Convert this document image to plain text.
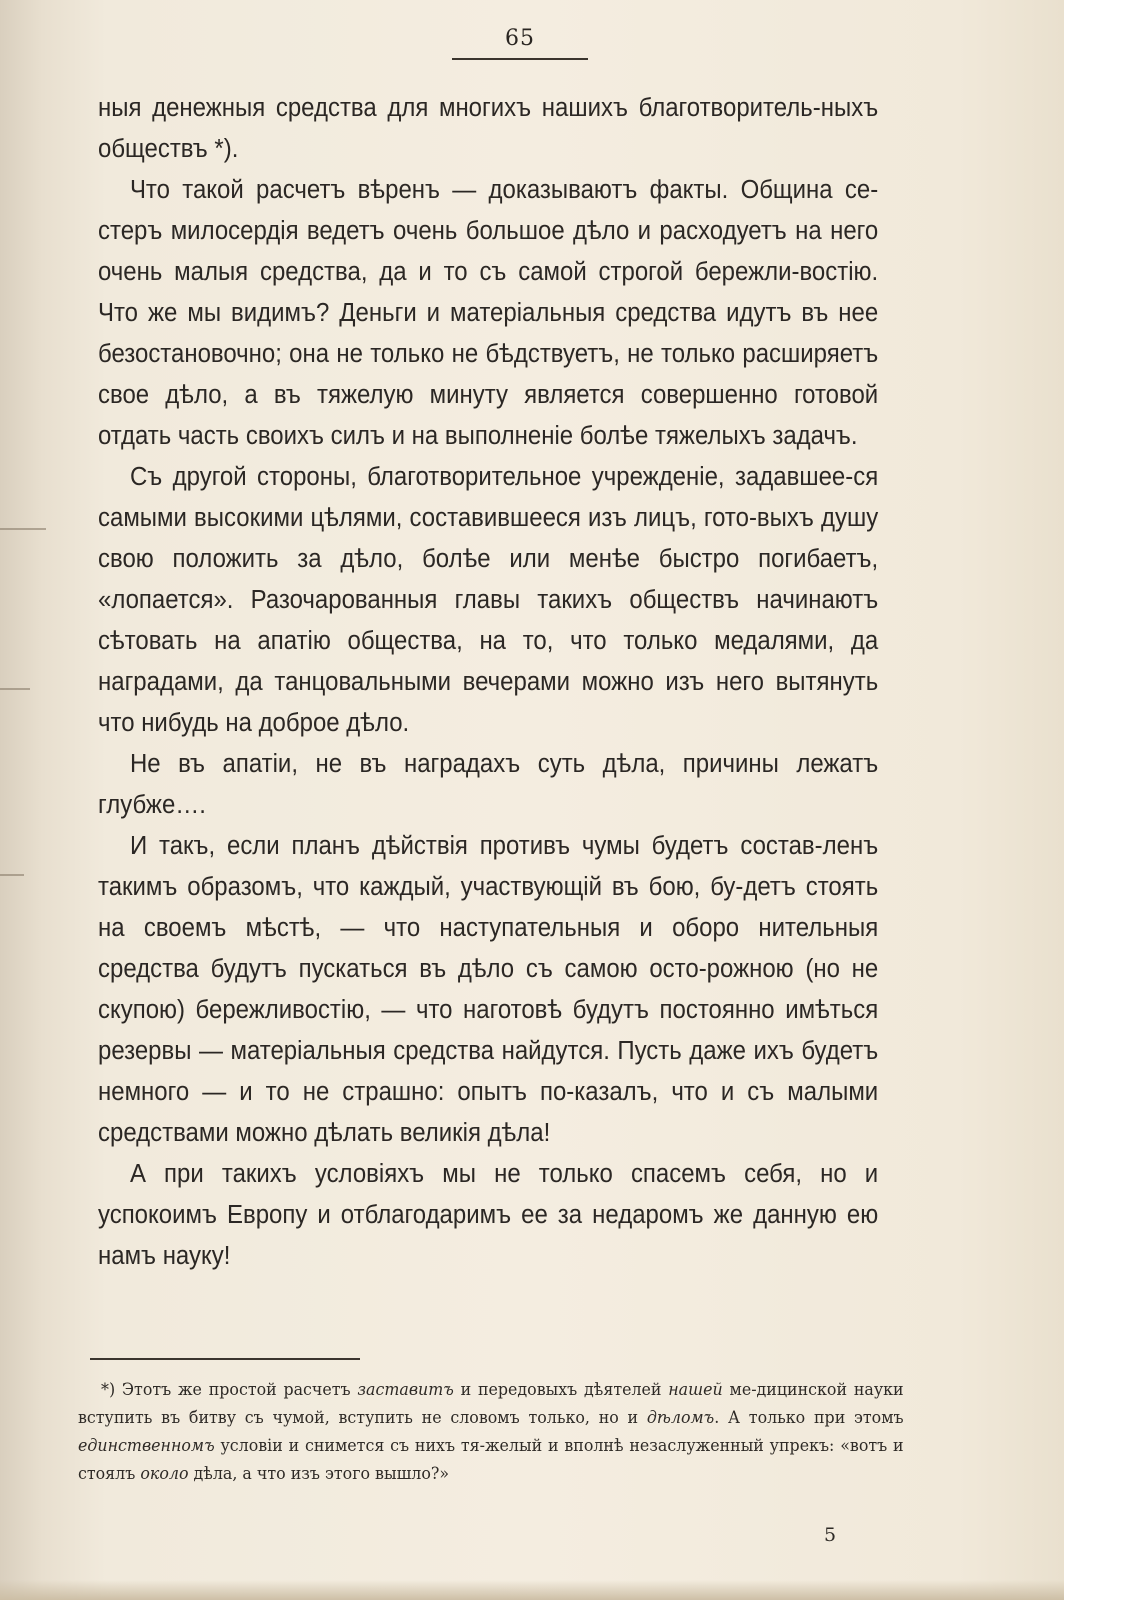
65

ныя денежныя средства для многихъ нашихъ благотворитель-ныхъ обществъ *).

Что такой расчетъ вѣренъ — доказываютъ факты. Община се-стеръ милосердія ведетъ очень большое дѣло и расходуетъ на него очень малыя средства, да и то съ самой строгой бережли-востію. Что же мы видимъ? Деньги и матеріальныя средства идутъ въ нее безостановочно; она не только не бѣдствуетъ, не только расширяетъ свое дѣло, а въ тяжелую минуту является совершенно готовой отдать часть своихъ силъ и на выполненіе болѣе тяжелыхъ задачъ.

Съ другой стороны, благотворительное учрежденіе, задавшее-ся самыми высокими цѣлями, составившееся изъ лицъ, гото-выхъ душу свою положить за дѣло, болѣе или менѣе быстро погибаетъ, «лопается». Разочарованныя главы такихъ обществъ начинаютъ сѣтовать на апатію общества, на то, что только медалями, да наградами, да танцовальными вечерами можно изъ него вытянуть что нибудь на доброе дѣло.

Не въ апатіи, не въ наградахъ суть дѣла, причины лежатъ глубже….

И такъ, если планъ дѣйствія противъ чумы будетъ состав-ленъ такимъ образомъ, что каждый, участвующій въ бою, бу-детъ стоять на своемъ мѣстѣ, — что наступательныя и оборо нительныя средства будутъ пускаться въ дѣло съ самою осто-рожною (но не скупою) бережливостію, — что наготовѣ будутъ постоянно имѣться резервы — матеріальныя средства найдутся. Пусть даже ихъ будетъ немного — и то не страшно: опытъ по-казалъ, что и съ малыми средствами можно дѣлать великія дѣла!

А при такихъ условіяхъ мы не только спасемъ себя, но и успокоимъ Европу и отблагодаримъ ее за недаромъ же данную ею намъ науку!

*) Этотъ же простой расчетъ заставитъ и передовыхъ дѣятелей нашей ме-дицинской науки вступить въ битву съ чумой, вступить не словомъ только, но и дѣломъ. А только при этомъ единственномъ условіи и снимется съ нихъ тя-желый и вполнѣ незаслуженный упрекъ: «вотъ и стоялъ около дѣла, а что изъ этого вышло?»
5
